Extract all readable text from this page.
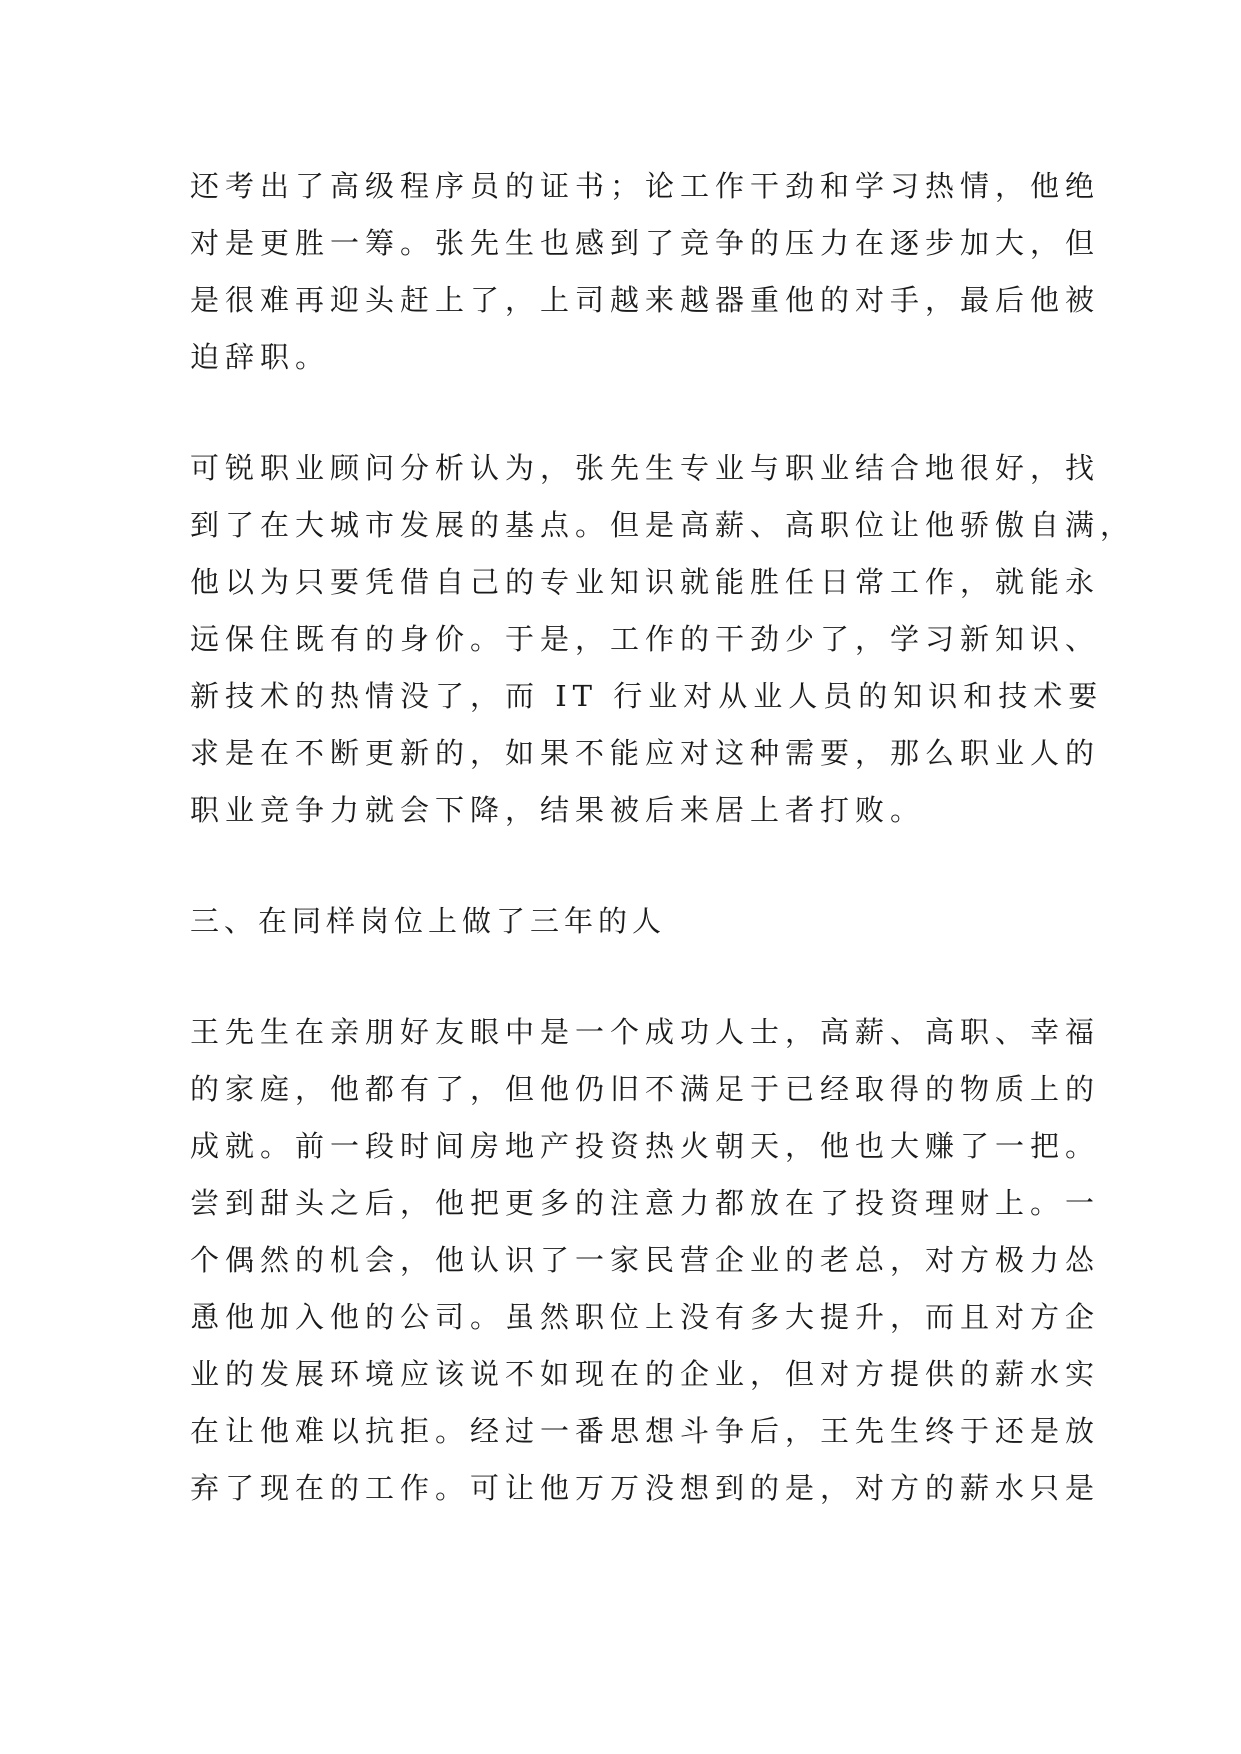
还考出了高级程序员的证书；论工作干劲和学习热情，他绝
对是更胜一筹。张先生也感到了竞争的压力在逐步加大，但
是很难再迎头赶上了，上司越来越器重他的对手，最后他被
迫辞职。
可锐职业顾问分析认为，张先生专业与职业结合地很好，找
到了在大城市发展的基点。但是高薪、高职位让他骄傲自满，
他以为只要凭借自己的专业知识就能胜任日常工作，就能永
远保住既有的身价。于是，工作的干劲少了，学习新知识、
新技术的热情没了，而 IT 行业对从业人员的知识和技术要
求是在不断更新的，如果不能应对这种需要，那么职业人的
职业竞争力就会下降，结果被后来居上者打败。
三、在同样岗位上做了三年的人
王先生在亲朋好友眼中是一个成功人士，高薪、高职、幸福
的家庭，他都有了，但他仍旧不满足于已经取得的物质上的
成就。前一段时间房地产投资热火朝天，他也大赚了一把。
尝到甜头之后，他把更多的注意力都放在了投资理财上。一
个偶然的机会，他认识了一家民营企业的老总，对方极力怂
恿他加入他的公司。虽然职位上没有多大提升，而且对方企
业的发展环境应该说不如现在的企业，但对方提供的薪水实
在让他难以抗拒。经过一番思想斗争后，王先生终于还是放
弃了现在的工作。可让他万万没想到的是，对方的薪水只是
